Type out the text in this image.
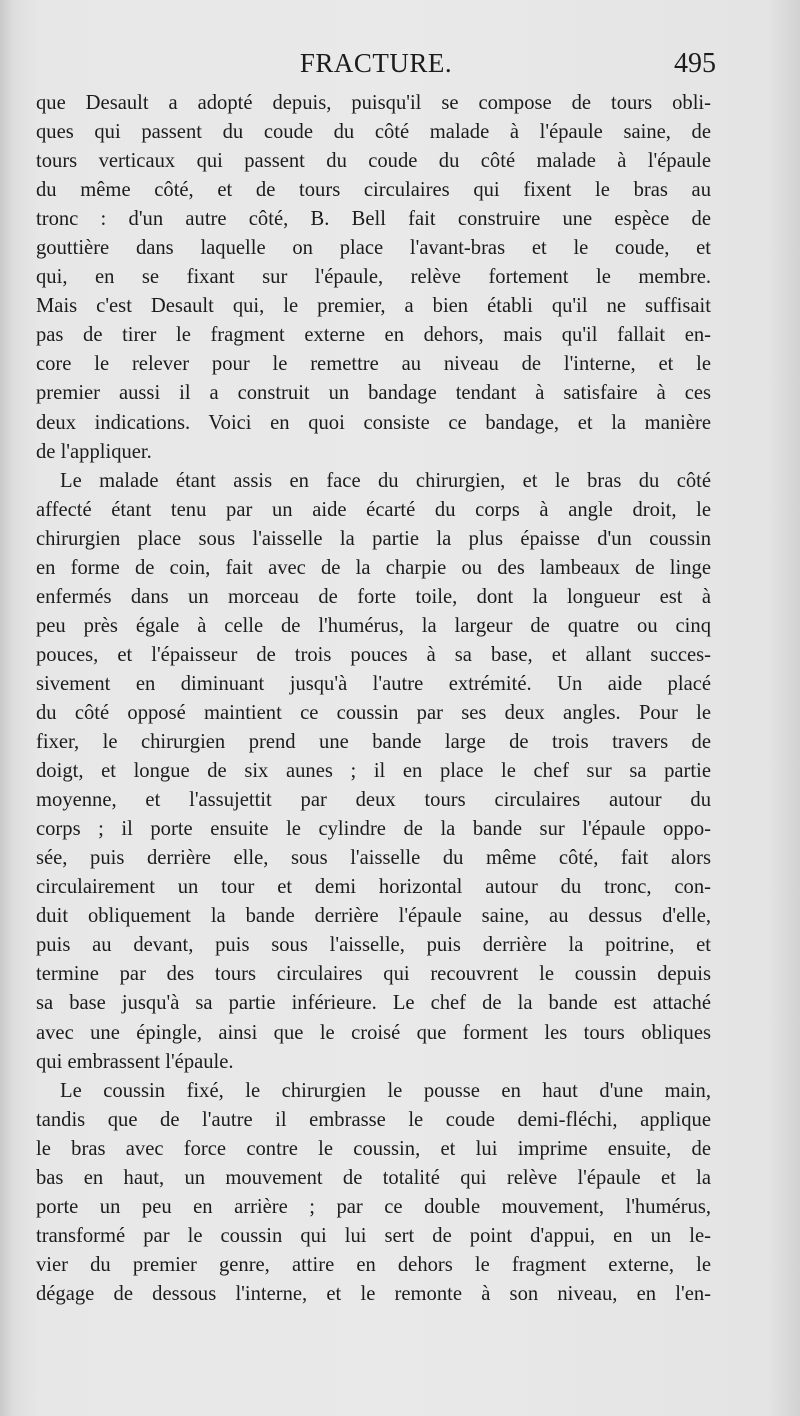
FRACTURE.	495
que Desault a adopté depuis, puisqu'il se compose de tours obli-
ques qui passent du coude du côté malade à l'épaule saine, de
tours verticaux qui passent du coude du côté malade à l'épaule
du même côté, et de tours circulaires qui fixent le bras au
tronc : d'un autre côté, B. Bell fait construire une espèce de
gouttière dans laquelle on place l'avant-bras et le coude, et
qui, en se fixant sur l'épaule, relève fortement le membre.
Mais c'est Desault qui, le premier, a bien établi qu'il ne suffisait
pas de tirer le fragment externe en dehors, mais qu'il fallait en-
core le relever pour le remettre au niveau de l'interne, et le
premier aussi il a construit un bandage tendant à satisfaire à ces
deux indications. Voici en quoi consiste ce bandage, et la manière
de l'appliquer.
Le malade étant assis en face du chirurgien, et le bras du côté
affecté étant tenu par un aide écarté du corps à angle droit, le
chirurgien place sous l'aisselle la partie la plus épaisse d'un coussin
en forme de coin, fait avec de la charpie ou des lambeaux de linge
enfermés dans un morceau de forte toile, dont la longueur est à
peu près égale à celle de l'humérus, la largeur de quatre ou cinq
pouces, et l'épaisseur de trois pouces à sa base, et allant succes-
sivement en diminuant jusqu'à l'autre extrémité. Un aide placé
du côté opposé maintient ce coussin par ses deux angles. Pour le
fixer, le chirurgien prend une bande large de trois travers de
doigt, et longue de six aunes ; il en place le chef sur sa partie
moyenne, et l'assujettit par deux tours circulaires autour du
corps ; il porte ensuite le cylindre de la bande sur l'épaule oppo-
sée, puis derrière elle, sous l'aisselle du même côté, fait alors
circulairement un tour et demi horizontal autour du tronc, con-
duit obliquement la bande derrière l'épaule saine, au dessus d'elle,
puis au devant, puis sous l'aisselle, puis derrière la poitrine, et
termine par des tours circulaires qui recouvrent le coussin depuis
sa base jusqu'à sa partie inférieure. Le chef de la bande est attaché
avec une épingle, ainsi que le croisé que forment les tours obliques
qui embrassent l'épaule.
Le coussin fixé, le chirurgien le pousse en haut d'une main,
tandis que de l'autre il embrasse le coude demi-fléchi, applique
le bras avec force contre le coussin, et lui imprime ensuite, de
bas en haut, un mouvement de totalité qui relève l'épaule et la
porte un peu en arrière ; par ce double mouvement, l'humérus,
transformé par le coussin qui lui sert de point d'appui, en un le-
vier du premier genre, attire en dehors le fragment externe, le
dégage de dessous l'interne, et le remonte à son niveau, en l'en-
